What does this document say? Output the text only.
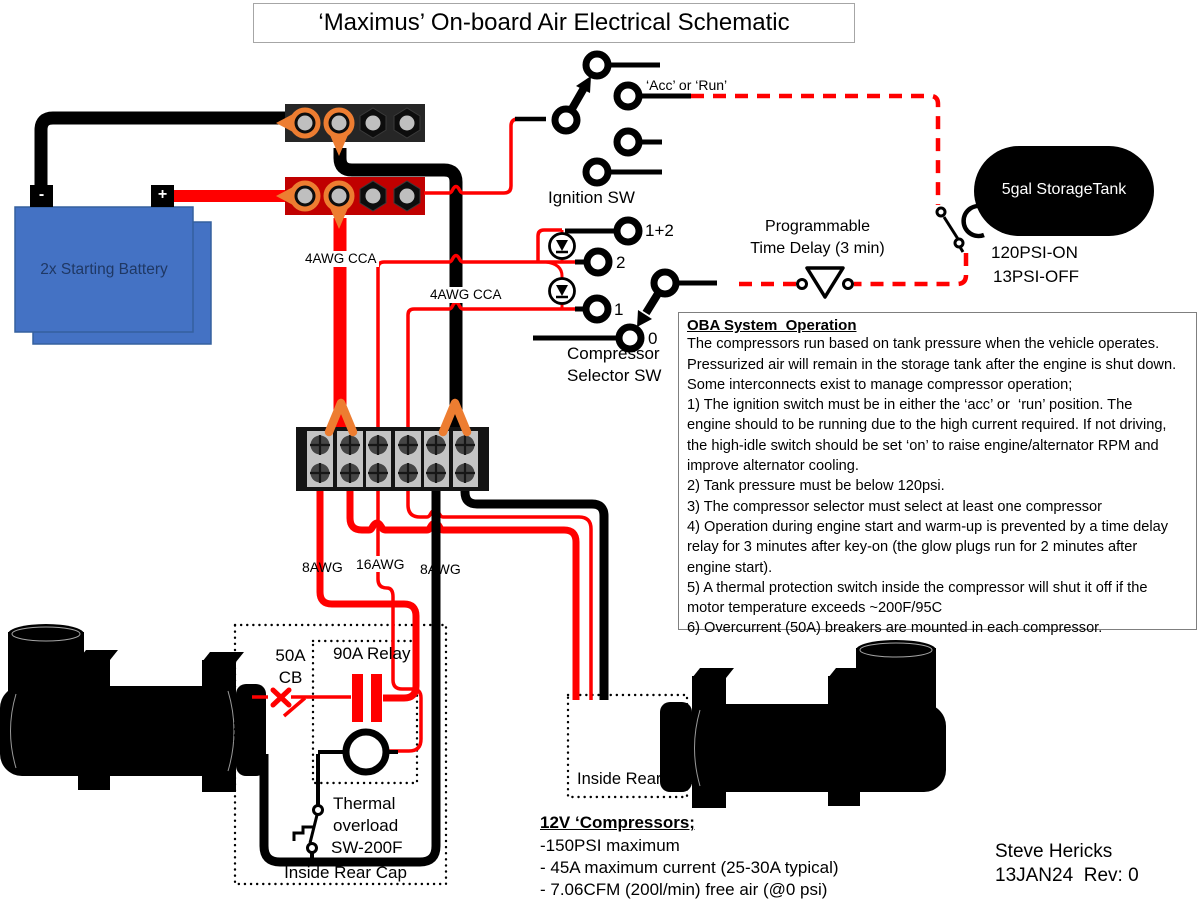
‘Maximus’ On-board Air Electrical Schematic
2x Starting Battery
-	+
‘Acc’ or ‘Run’
Ignition SW
1+2
2
1
0
Compressor
Selector SW
Programmable
Time Delay (3 min)
5gal StorageTank
120PSI-ON
13PSI-OFF
4AWG CCA
4AWG CCA
8AWG 16AWG 8AWG
50A
CB
90A Relay
Thermal
overload
SW-200F
Inside Rear Cap
Inside Rear Cap
OBA System  Operation
The compressors run based on tank pressure when the vehicle operates.
Pressurized air will remain in the storage tank after the engine is shut down.
Some interconnects exist to manage compressor operation;
1) The ignition switch must be in either the ‘acc’ or  ‘run’ position. The
engine should to be running due to the high current required. If not driving,
the high-idle switch should be set ‘on’ to raise engine/alternator RPM and
improve alternator cooling.
2) Tank pressure must be below 120psi.
3) The compressor selector must select at least one compressor
4) Operation during engine start and warm-up is prevented by a time delay
relay for 3 minutes after key-on (the glow plugs run for 2 minutes after
engine start).
5) A thermal protection switch inside the compressor will shut it off if the
motor temperature exceeds ~200F/95C
6) Overcurrent (50A) breakers are mounted in each compressor.
12V ‘Compressors;
-150PSI maximum
- 45A maximum current (25-30A typical)
- 7.06CFM (200l/min) free air (@0 psi)
Steve Hericks
13JAN24  Rev: 0
